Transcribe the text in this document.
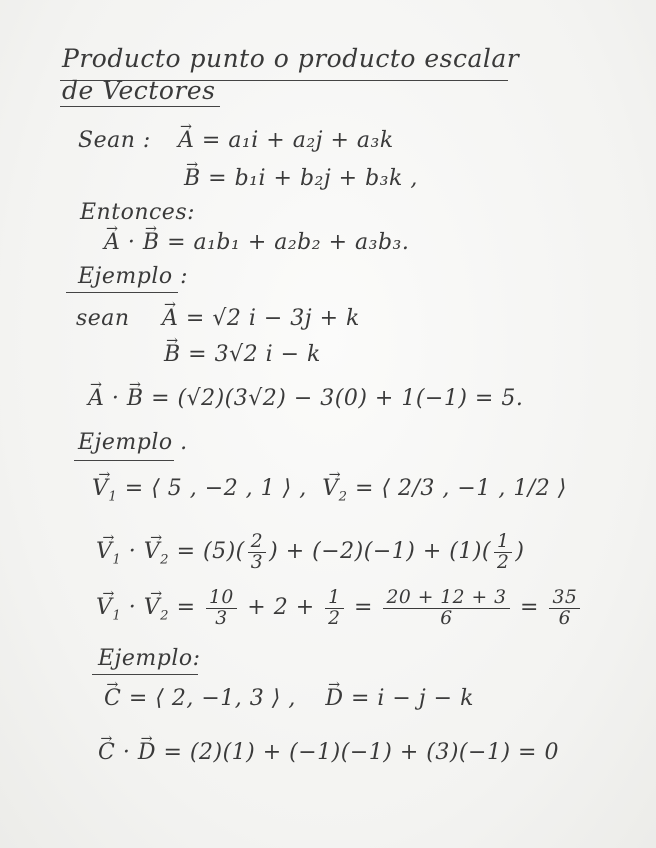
Producto punto o producto escalar
de Vectores
Sean : → A = a₁i + a₂j + a₃k
→ B = b₁i + b₂j + b₃k ,
Entonces:
→ A · → B = a₁b₁ + a₂b₂ + a₃b₃.
Ejemplo :
sean → A = √2 i − 3j + k
→ B = 3√2 i − k
→ A · → B = (√2)(3√2) − 3(0) + 1(−1) = 5.
Ejemplo .
→ $V_1$ = ⟨ 5 , −2 , 1 ⟩ , → $V_2$ = ⟨ 2/3 , −1 , 1/2 ⟩
→ $V_1$ · → $V_2 = (5)( \frac{2}{3}$ ) + $(-2)(-1) + (1)( \frac{1}{2}$ )
→ $V_1$ · → $V_2 = \frac{10}{3} + 2 + \frac{1}{2} = \frac{20 + 12 + 3}{6} = \frac{35}{6}$
Ejemplo:
→ C = ⟨ 2, −1, 3 ⟩ , → D = i − j − k
→ C · → D = (2)(1) + (−1)(−1) + (3)(−1) = 0
